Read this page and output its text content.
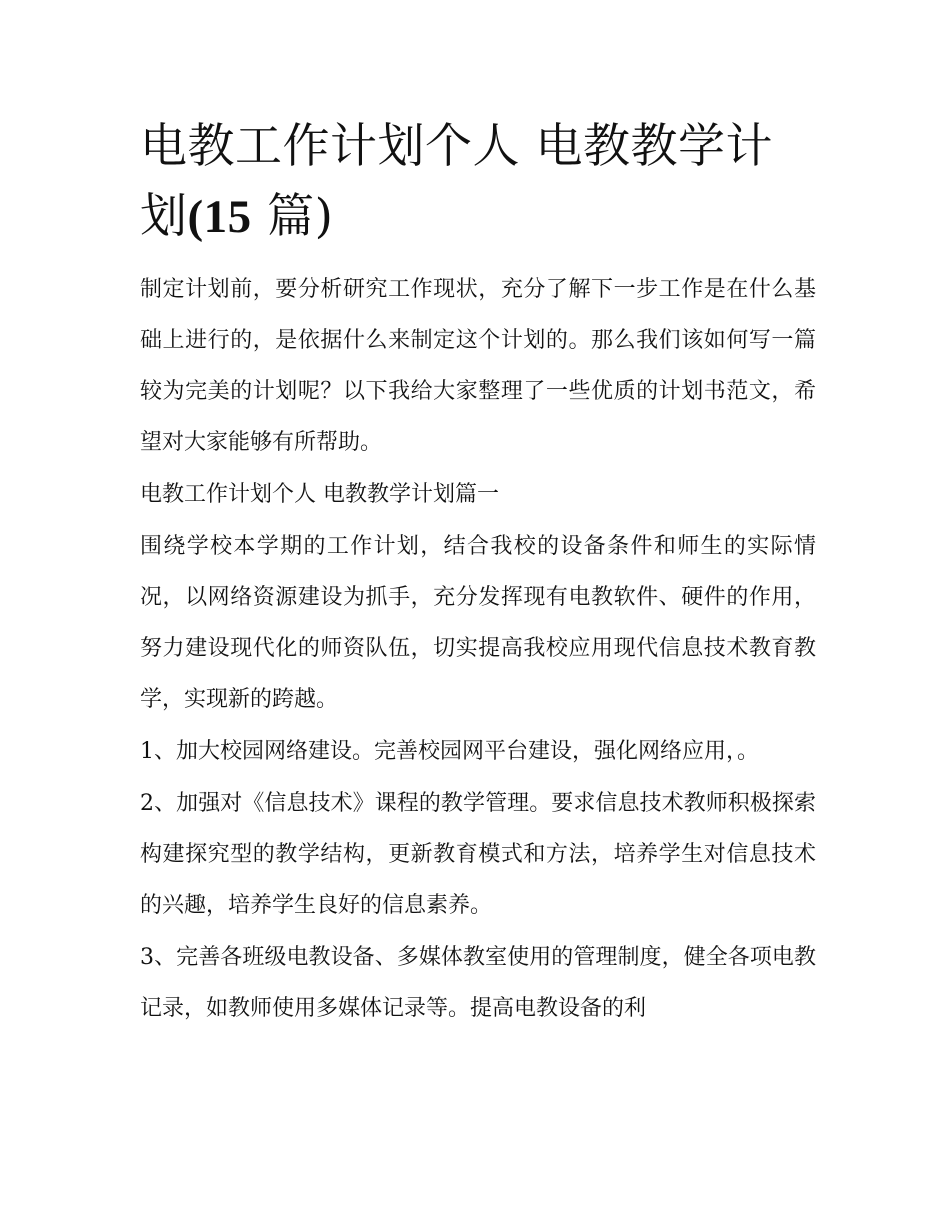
电教工作计划个人 电教教学计划(15 篇)

制定计划前，要分析研究工作现状，充分了解下一步工作是在什么基础上进行的，是依据什么来制定这个计划的。那么我们该如何写一篇较为完美的计划呢？以下我给大家整理了一些优质的计划书范文，希望对大家能够有所帮助。

电教工作计划个人 电教教学计划篇一

围绕学校本学期的工作计划，结合我校的设备条件和师生的实际情况，以网络资源建设为抓手，充分发挥现有电教软件、硬件的作用，努力建设现代化的师资队伍，切实提高我校应用现代信息技术教育教学，实现新的跨越。

1、加大校园网络建设。完善校园网平台建设，强化网络应用，。

2、加强对《信息技术》课程的教学管理。要求信息技术教师积极探索构建探究型的教学结构，更新教育模式和方法，培养学生对信息技术的兴趣，培养学生良好的信息素养。

3、完善各班级电教设备、多媒体教室使用的管理制度，健全各项电教记录，如教师使用多媒体记录等。提高电教设备的利
